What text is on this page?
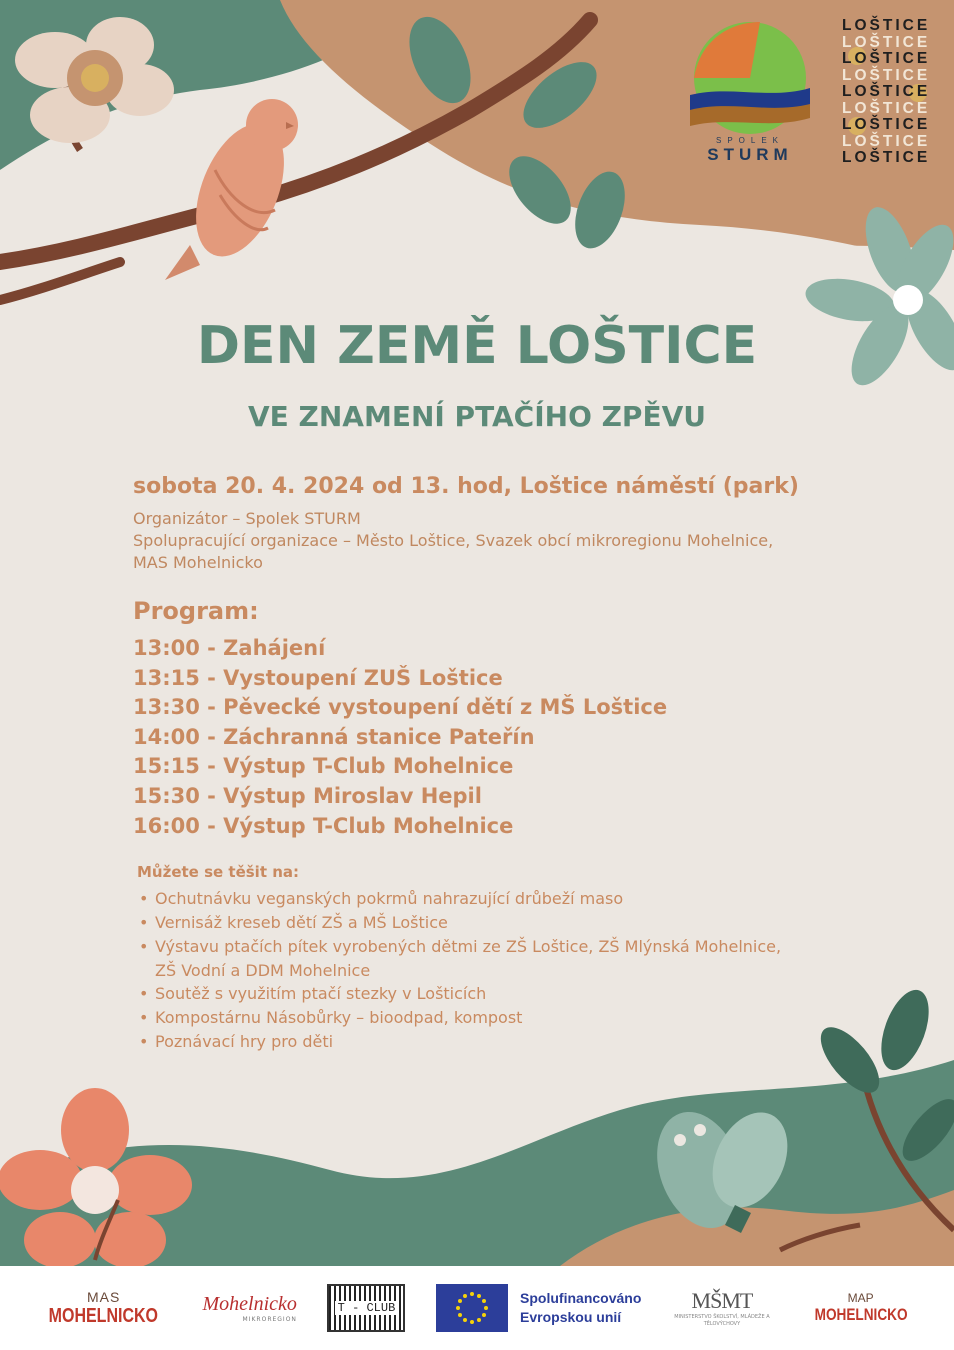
SPOLEK
STURM
LOŠTICE
LOŠTICE
LOŠTICE
LOŠTICE
LOŠTICE
LOŠTICE
LOŠTICE
LOŠTICE
LOŠTICE
DEN ZEMĚ LOŠTICE
VE ZNAMENÍ PTAČÍHO ZPĚVU
sobota 20. 4. 2024 od 13. hod, Loštice náměstí (park)
Organizátor – Spolek STURM
Spolupracující organizace – Město Loštice, Svazek obcí mikroregionu Mohelnice,
MAS Mohelnicko
Program:
13:00 - Zahájení
13:15 - Vystoupení ZUŠ Loštice
13:30 - Pěvecké vystoupení dětí z MŠ Loštice
14:00 - Záchranná stanice Pateřín
15:15 - Výstup T-Club Mohelnice
15:30 - Výstup Miroslav Hepil
16:00 - Výstup T-Club Mohelnice
Můžete se těšit na:
• Ochutnávku veganských pokrmů nahrazující drůbeží maso
• Vernisáž kreseb dětí ZŠ a MŠ Loštice
• Výstavu ptačích pítek vyrobených dětmi ze ZŠ Loštice, ZŠ Mlýnská Mohelnice,
ZŠ Vodní a DDM Mohelnice
• Soutěž s využitím ptačí stezky v Lošticích
• Kompostárnu Násobůrky – bioodpad, kompost
• Poznávací hry pro děti
MAS
MOHELNICKO
Mohelnicko
MIKROREGION
T - CLUB
Spolufinancováno
Evropskou unií
MŠMT
MINISTERSTVO ŠKOLSTVÍ, MLÁDEŽE A TĚLOVÝCHOVY
MAP
MOHELNICKO
